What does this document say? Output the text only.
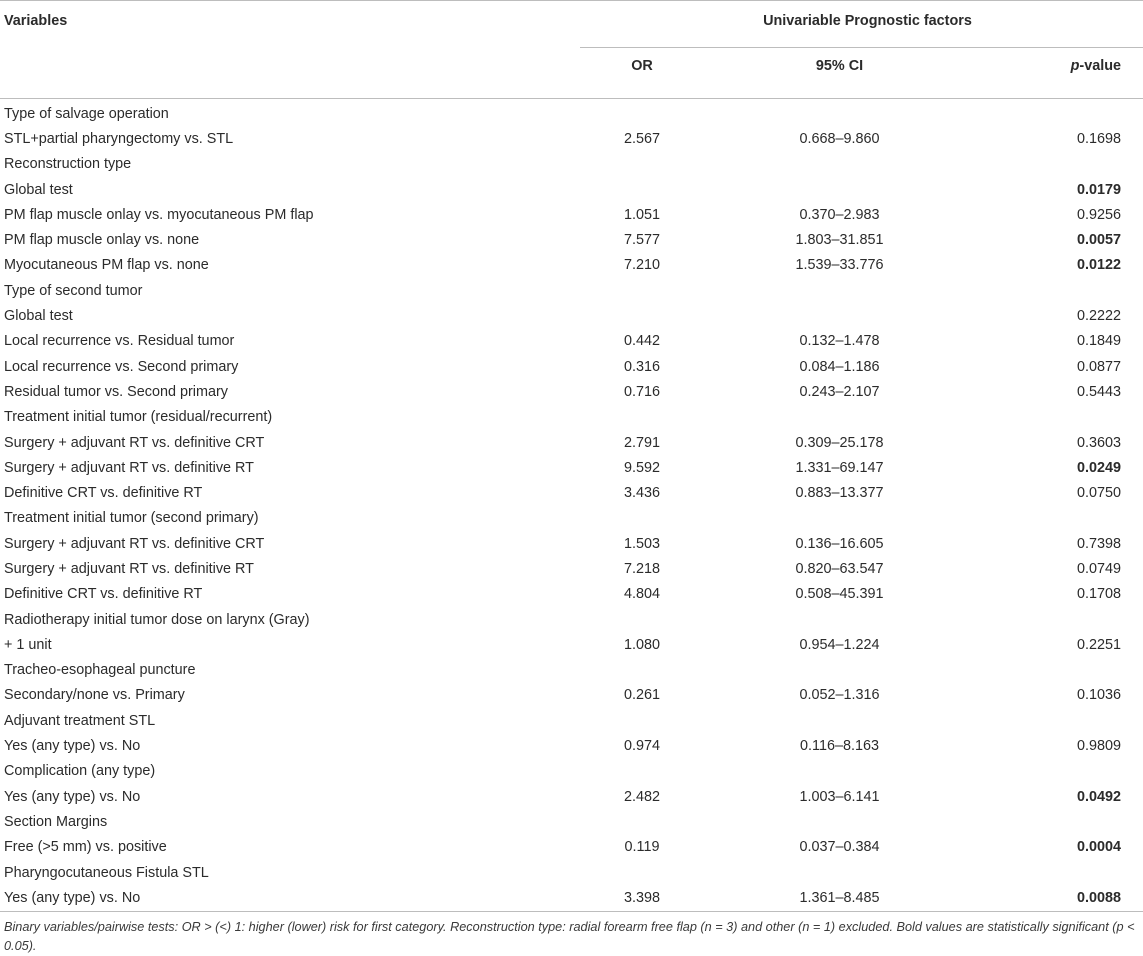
Variables	Univariable Prognostic factors		
	OR	95% CI	p-value
Type of salvage operation			
STL+partial pharyngectomy vs. STL	2.567	0.668–9.860	0.1698
Reconstruction type			
Global test			0.0179
PM flap muscle onlay vs. myocutaneous PM flap	1.051	0.370–2.983	0.9256
PM flap muscle onlay vs. none	7.577	1.803–31.851	0.0057
Myocutaneous PM flap vs. none	7.210	1.539–33.776	0.0122
Type of second tumor			
Global test			0.2222
Local recurrence vs. Residual tumor	0.442	0.132–1.478	0.1849
Local recurrence vs. Second primary	0.316	0.084–1.186	0.0877
Residual tumor vs. Second primary	0.716	0.243–2.107	0.5443
Treatment initial tumor (residual/recurrent)			
Surgery + adjuvant RT vs. definitive CRT	2.791	0.309–25.178	0.3603
Surgery + adjuvant RT vs. definitive RT	9.592	1.331–69.147	0.0249
Definitive CRT vs. definitive RT	3.436	0.883–13.377	0.0750
Treatment initial tumor (second primary)			
Surgery + adjuvant RT vs. definitive CRT	1.503	0.136–16.605	0.7398
Surgery + adjuvant RT vs. definitive RT	7.218	0.820–63.547	0.0749
Definitive CRT vs. definitive RT	4.804	0.508–45.391	0.1708
Radiotherapy initial tumor dose on larynx (Gray)			
+ 1 unit	1.080	0.954–1.224	0.2251
Tracheo-esophageal puncture			
Secondary/none vs. Primary	0.261	0.052–1.316	0.1036
Adjuvant treatment STL			
Yes (any type) vs. No	0.974	0.116–8.163	0.9809
Complication (any type)			
Yes (any type) vs. No	2.482	1.003–6.141	0.0492
Section Margins			
Free (>5 mm) vs. positive	0.119	0.037–0.384	0.0004
Pharyngocutaneous Fistula STL			
Yes (any type) vs. No	3.398	1.361–8.485	0.0088
Binary variables/pairwise tests: OR > (<) 1: higher (lower) risk for first category. Reconstruction type: radial forearm free flap (n = 3) and other (n = 1) excluded. Bold values are statistically significant (p < 0.05).
